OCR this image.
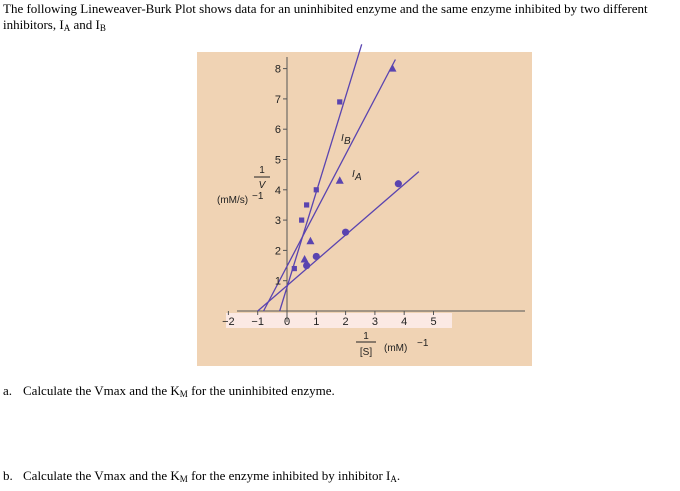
The following Lineweaver-Burk Plot shows data for an uninhibited enzyme and the same enzyme inhibited by two different inhibitors, $I_A$ and $I_B$
−2 −1 0 1 2 3 4 5
1
2
3
4
5
6
7
8
1
V
(mM/s) −1
1
[S] (mM) −1
I A
I B
a. Calculate the Vmax and the $K_M$ for the uninhibited enzyme.
b. Calculate the Vmax and the $K_M$ for the enzyme inhibited by inhibitor $I_A$.
